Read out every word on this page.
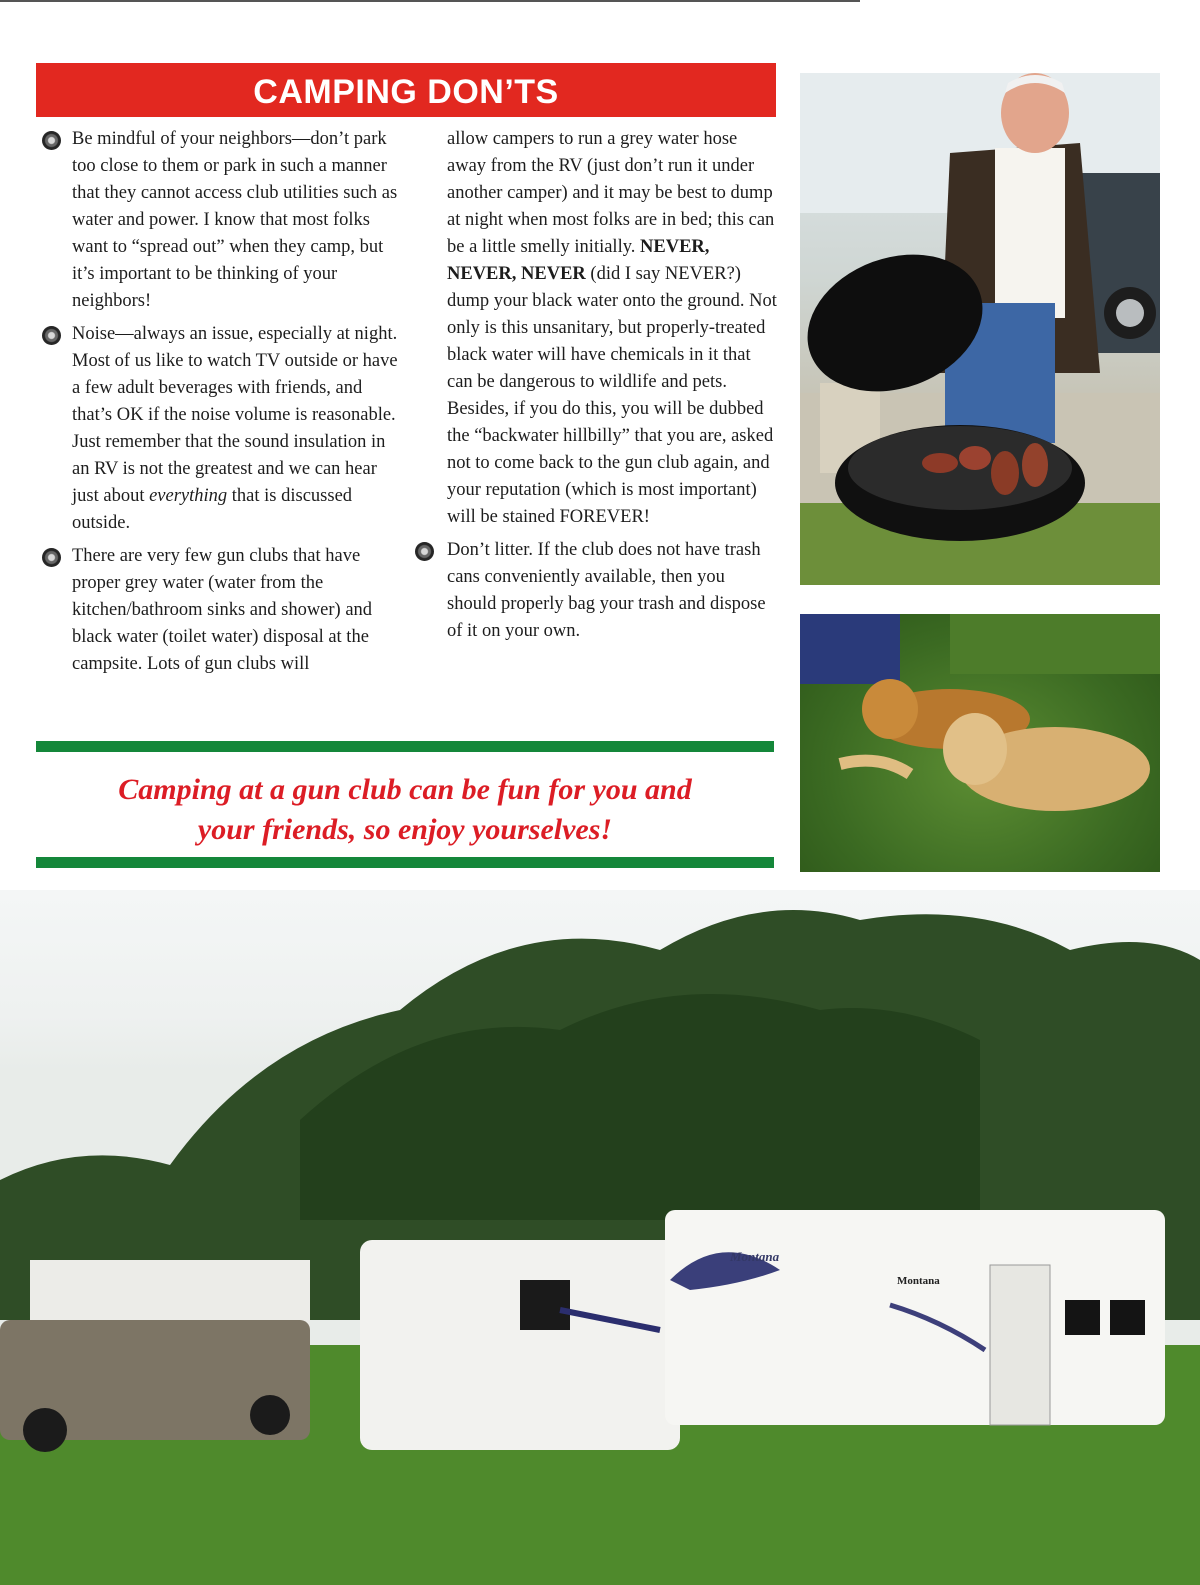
CAMPING DON’TS

Be mindful of your neighbors—don’t park too close to them or park in such a manner that they cannot access club utilities such as water and power. I know that most folks want to “spread out” when they camp, but it’s important to be thinking of your neighbors!

Noise—always an issue, especially at night. Most of us like to watch TV outside or have a few adult beverages with friends, and that’s OK if the noise volume is reasonable. Just remember that the sound insulation in an RV is not the greatest and we can hear just about everything that is discussed outside.

There are very few gun clubs that have proper grey water (water from the kitchen/bathroom sinks and shower) and black water (toilet water) disposal at the campsite. Lots of gun clubs will

allow campers to run a grey water hose away from the RV (just don’t run it under another camper) and it may be best to dump at night when most folks are in bed; this can be a little smelly initially. NEVER, NEVER, NEVER (did I say NEVER?) dump your black water onto the ground. Not only is this unsanitary, but properly-treated black water will have chemicals in it that can be dangerous to wildlife and pets. Besides, if you do this, you will be dubbed the “backwater hillbilly” that you are, asked not to come back to the gun club again, and your reputation (which is most important) will be stained FOREVER!

Don’t litter. If the club does not have trash cans conveniently available, then you should properly bag your trash and dispose of it on your own.

Camping at a gun club can be fun for you and
your friends, so enjoy yourselves!
Montana
Montana
